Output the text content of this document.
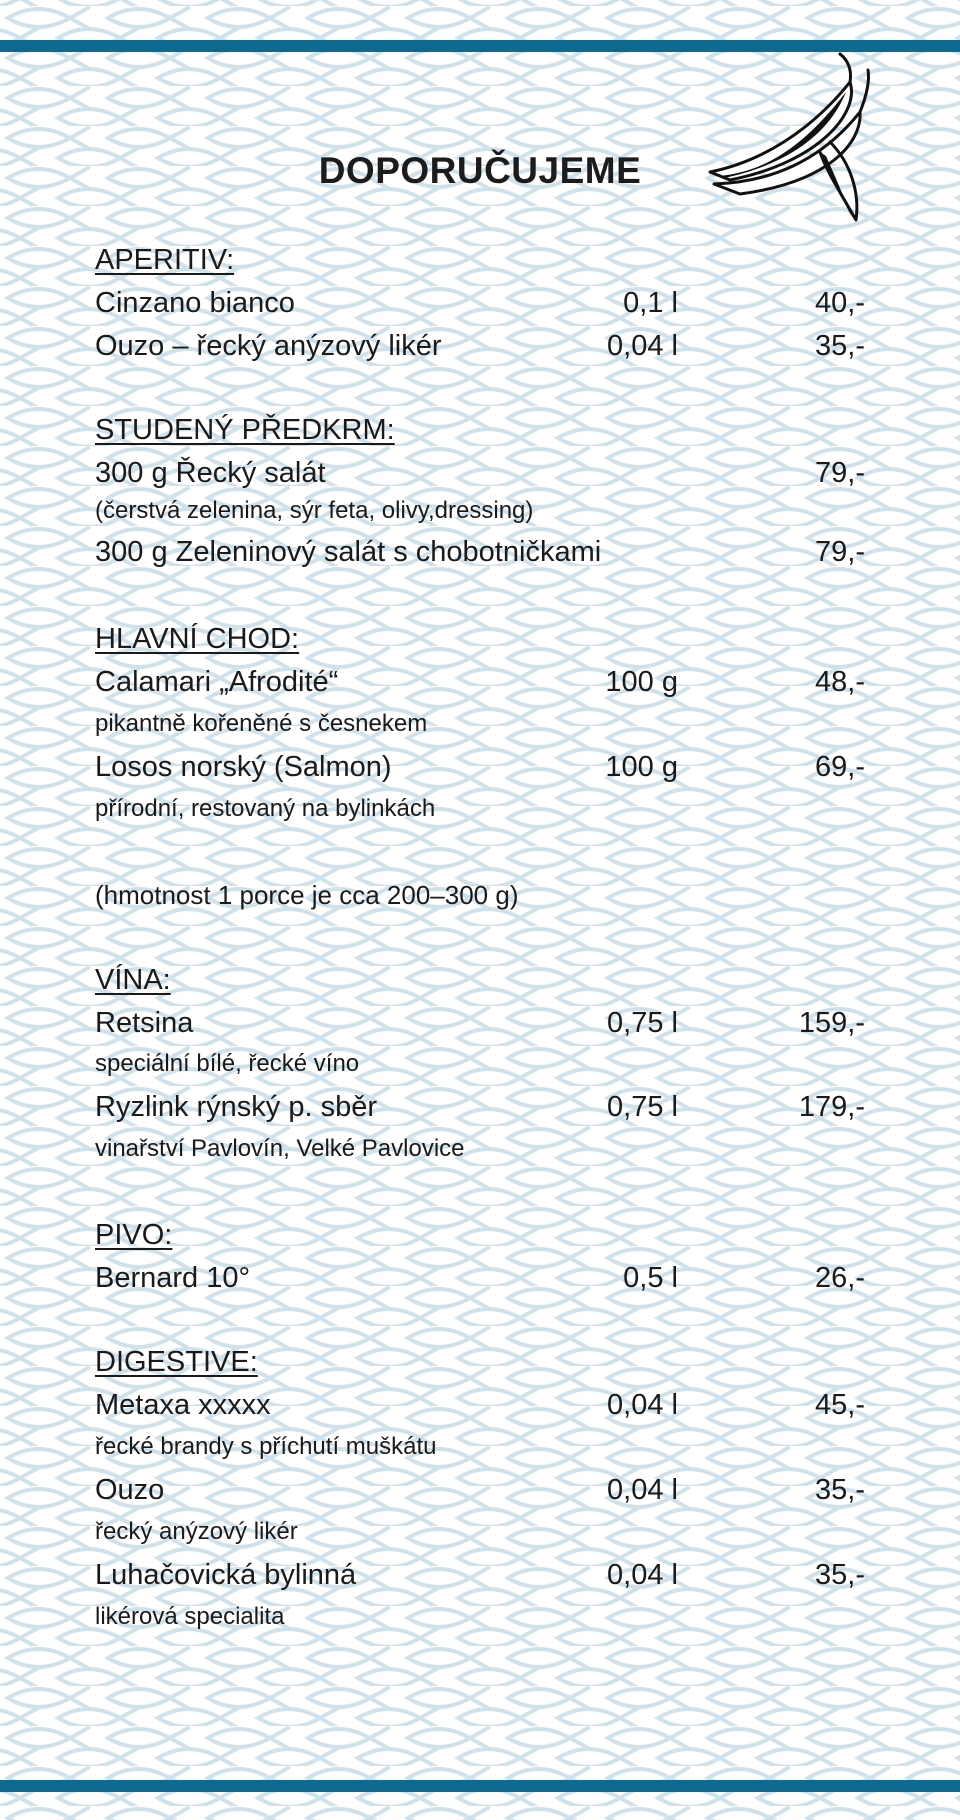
DOPORUČUJEME
APERITIV:
Cinzano bianco	0,1 l	40,-
Ouzo – řecký anýzový likér	0,04 l	35,-
STUDENÝ PŘEDKRM:
300 g Řecký salát	79,-
(čerstvá zelenina, sýr feta, olivy,dressing)
300 g Zeleninový salát s chobotničkami	79,-
HLAVNÍ CHOD:
Calamari „Afrodité“	100 g	48,-
pikantně kořeněné s česnekem
Losos norský (Salmon)	100 g	69,-
přírodní, restovaný na bylinkách
(hmotnost 1 porce je cca 200–300 g)
VÍNA:
Retsina	0,75 l	159,-
speciální bílé, řecké víno
Ryzlink rýnský p. sběr	0,75 l	179,-
vinařství Pavlovín, Velké Pavlovice
PIVO:
Bernard 10°	0,5 l	26,-
DIGESTIVE:
Metaxa xxxxx	0,04 l	45,-
řecké brandy s příchutí muškátu
Ouzo	0,04 l	35,-
řecký anýzový likér
Luhačovická bylinná	0,04 l	35,-
likérová specialita
